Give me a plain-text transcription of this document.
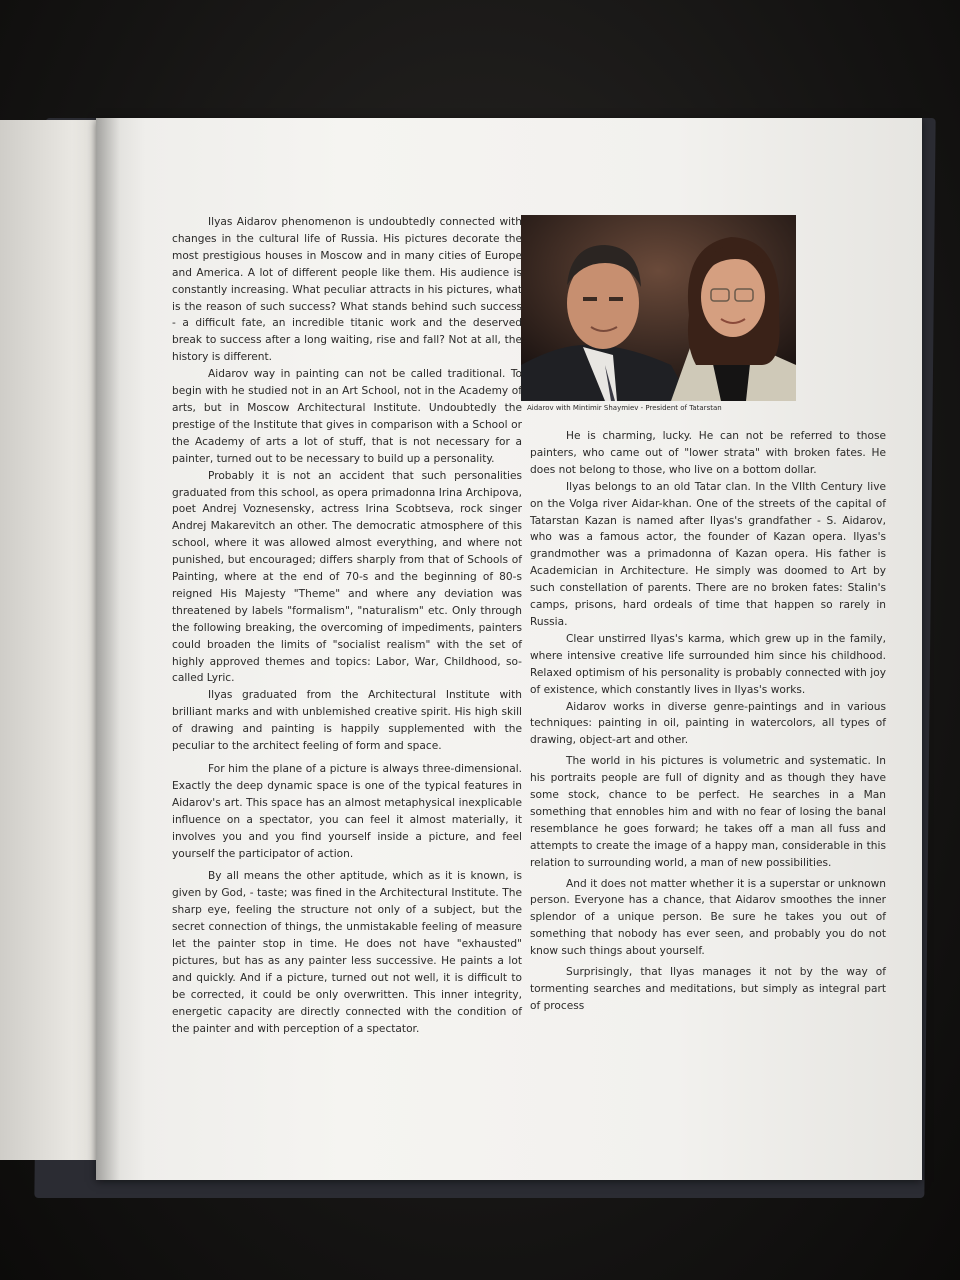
Aidarov with Mintimir Shaymiev - President of Tatarstan

Ilyas Aidarov phenomenon is undoubtedly connected with changes in the cultural life of Russia. His pictures decorate the most prestigious houses in Moscow and in many cities of Europe and America. A lot of different people like them. His audience is constantly increasing. What peculiar attracts in his pictures, what is the reason of such success? What stands behind such success - a difficult fate, an incredible titanic work and the deserved break to success after a long waiting, rise and fall? Not at all, the history is different.

Aidarov way in painting can not be called traditional. To begin with he studied not in an Art School, not in the Academy of arts, but in Moscow Architectural Institute. Undoubtedly the prestige of the Institute that gives in comparison with a School or the Academy of arts a lot of stuff, that is not necessary for a painter, turned out to be necessary to build up a personality.

Probably it is not an accident that such personalities graduated from this school, as opera primadonna Irina Archipova, poet Andrej Voznesensky, actress Irina Scobtseva, rock singer Andrej Makarevitch an other. The democratic atmosphere of this school, where it was allowed almost everything, and where not punished, but encouraged; differs sharply from that of Schools of Painting, where at the end of 70-s and the beginning of 80-s reigned His Majesty "Theme" and where any deviation was threatened by labels "formalism", "naturalism" etc. Only through the following breaking, the overcoming of impediments, painters could broaden the limits of "socialist realism" with the set of highly approved themes and topics: Labor, War, Childhood, so-called Lyric.

Ilyas graduated from the Architectural Institute with brilliant marks and with unblemished creative spirit. His high skill of drawing and painting is happily supplemented with the peculiar to the architect feeling of form and space.

For him the plane of a picture is always three-dimensional. Exactly the deep dynamic space is one of the typical features in Aidarov's art. This space has an almost metaphysical inexplicable influence on a spectator, you can feel it almost materially, it involves you and you find yourself inside a picture, and feel yourself the participator of action.

By all means the other aptitude, which as it is known, is given by God, - taste; was fined in the Architectural Institute. The sharp eye, feeling the structure not only of a subject, but the secret connection of things, the unmistakable feeling of measure let the painter stop in time. He does not have "exhausted" pictures, but has as any painter less successive. He paints a lot and quickly. And if a picture, turned out not well, it is difficult to be corrected, it could be only overwritten. This inner integrity, energetic capacity are directly connected with the condition of the painter and with perception of a spectator.

He is charming, lucky. He can not be referred to those painters, who came out of "lower strata" with broken fates. He does not belong to those, who live on a bottom dollar.

Ilyas belongs to an old Tatar clan. In the VIIth Century live on the Volga river Aidar-khan. One of the streets of the capital of Tatarstan Kazan is named after Ilyas's grandfather - S. Aidarov, who was a famous actor, the founder of Kazan opera. Ilyas's grandmother was a primadonna of Kazan opera. His father is Academician in Architecture. He simply was doomed to Art by such constellation of parents. There are no broken fates: Stalin's camps, prisons, hard ordeals of time that happen so rarely in Russia.

Clear unstirred Ilyas's karma, which grew up in the family, where intensive creative life surrounded him since his childhood. Relaxed optimism of his personality is probably connected with joy of existence, which constantly lives in Ilyas's works.

Aidarov works in diverse genre-paintings and in various techniques: painting in oil, painting in watercolors, all types of drawing, object-art and other.

The world in his pictures is volumetric and systematic. In his portraits people are full of dignity and as though they have some stock, chance to be perfect. He searches in a Man something that ennobles him and with no fear of losing the banal resemblance he goes forward; he takes off a man all fuss and attempts to create the image of a happy man, considerable in this relation to surrounding world, a man of new possibilities.

And it does not matter whether it is a superstar or unknown person. Everyone has a chance, that Aidarov smoothes the inner splendor of a unique person. Be sure he takes you out of something that nobody has ever seen, and probably you do not know such things about yourself.

Surprisingly, that Ilyas manages it not by the way of tormenting searches and meditations, but simply as integral part of process
